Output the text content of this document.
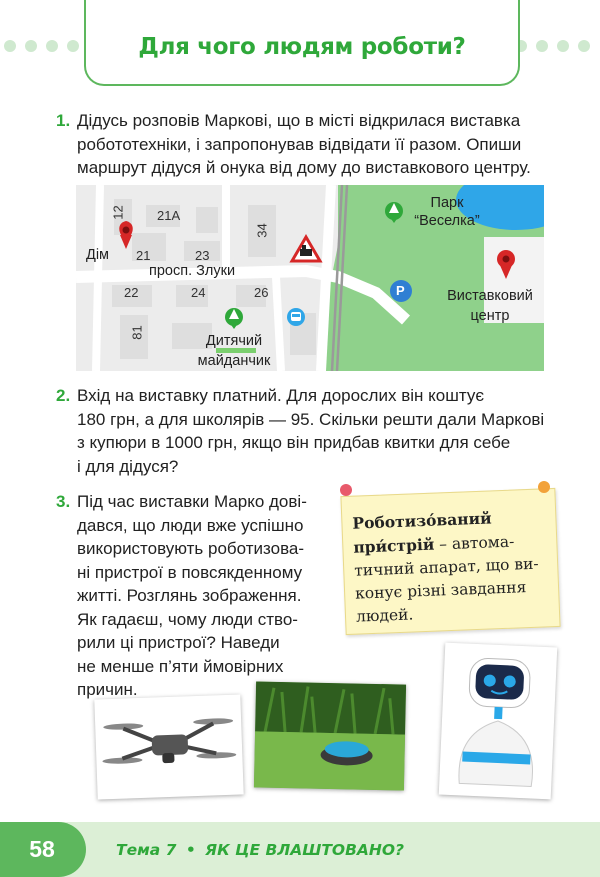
Для чого людям роботи?
1. Дідусь розповів Маркові, що в місті відкрилася виставка
робототехніки, і запропонував відвідати її разом. Опиши
маршрут дідуся й онука від дому до виставкового центру.
12 21А
21	23
34
22	24	26
81
Дім
просп. Злуки
Парк
“Веселка”
Виставковий
центр
Дитячий
майданчик
P
2. Вхід на виставку платний. Для дорослих він коштує
180 грн, а для школярів — 95. Скільки решти дали Маркові
з купюри в 1000 грн, якщо він придбав квитки для себе
і для дідуся?
3. Під час виставки Марко дові-
дався, що люди вже успішно
використовують роботизова-
ні пристрої в повсякденному
житті. Розглянь зображення.
Як гадаєш, чому люди ство-
рили ці пристрої? Наведи
не менше п’яти ймовірних
причин.
Роботизо́ваний
при́стрій – автома-
тичний апарат, що ви-
конує різні завдання
людей.
58	Тема 7 • ЯК ЦЕ ВЛАШТОВАНО?
